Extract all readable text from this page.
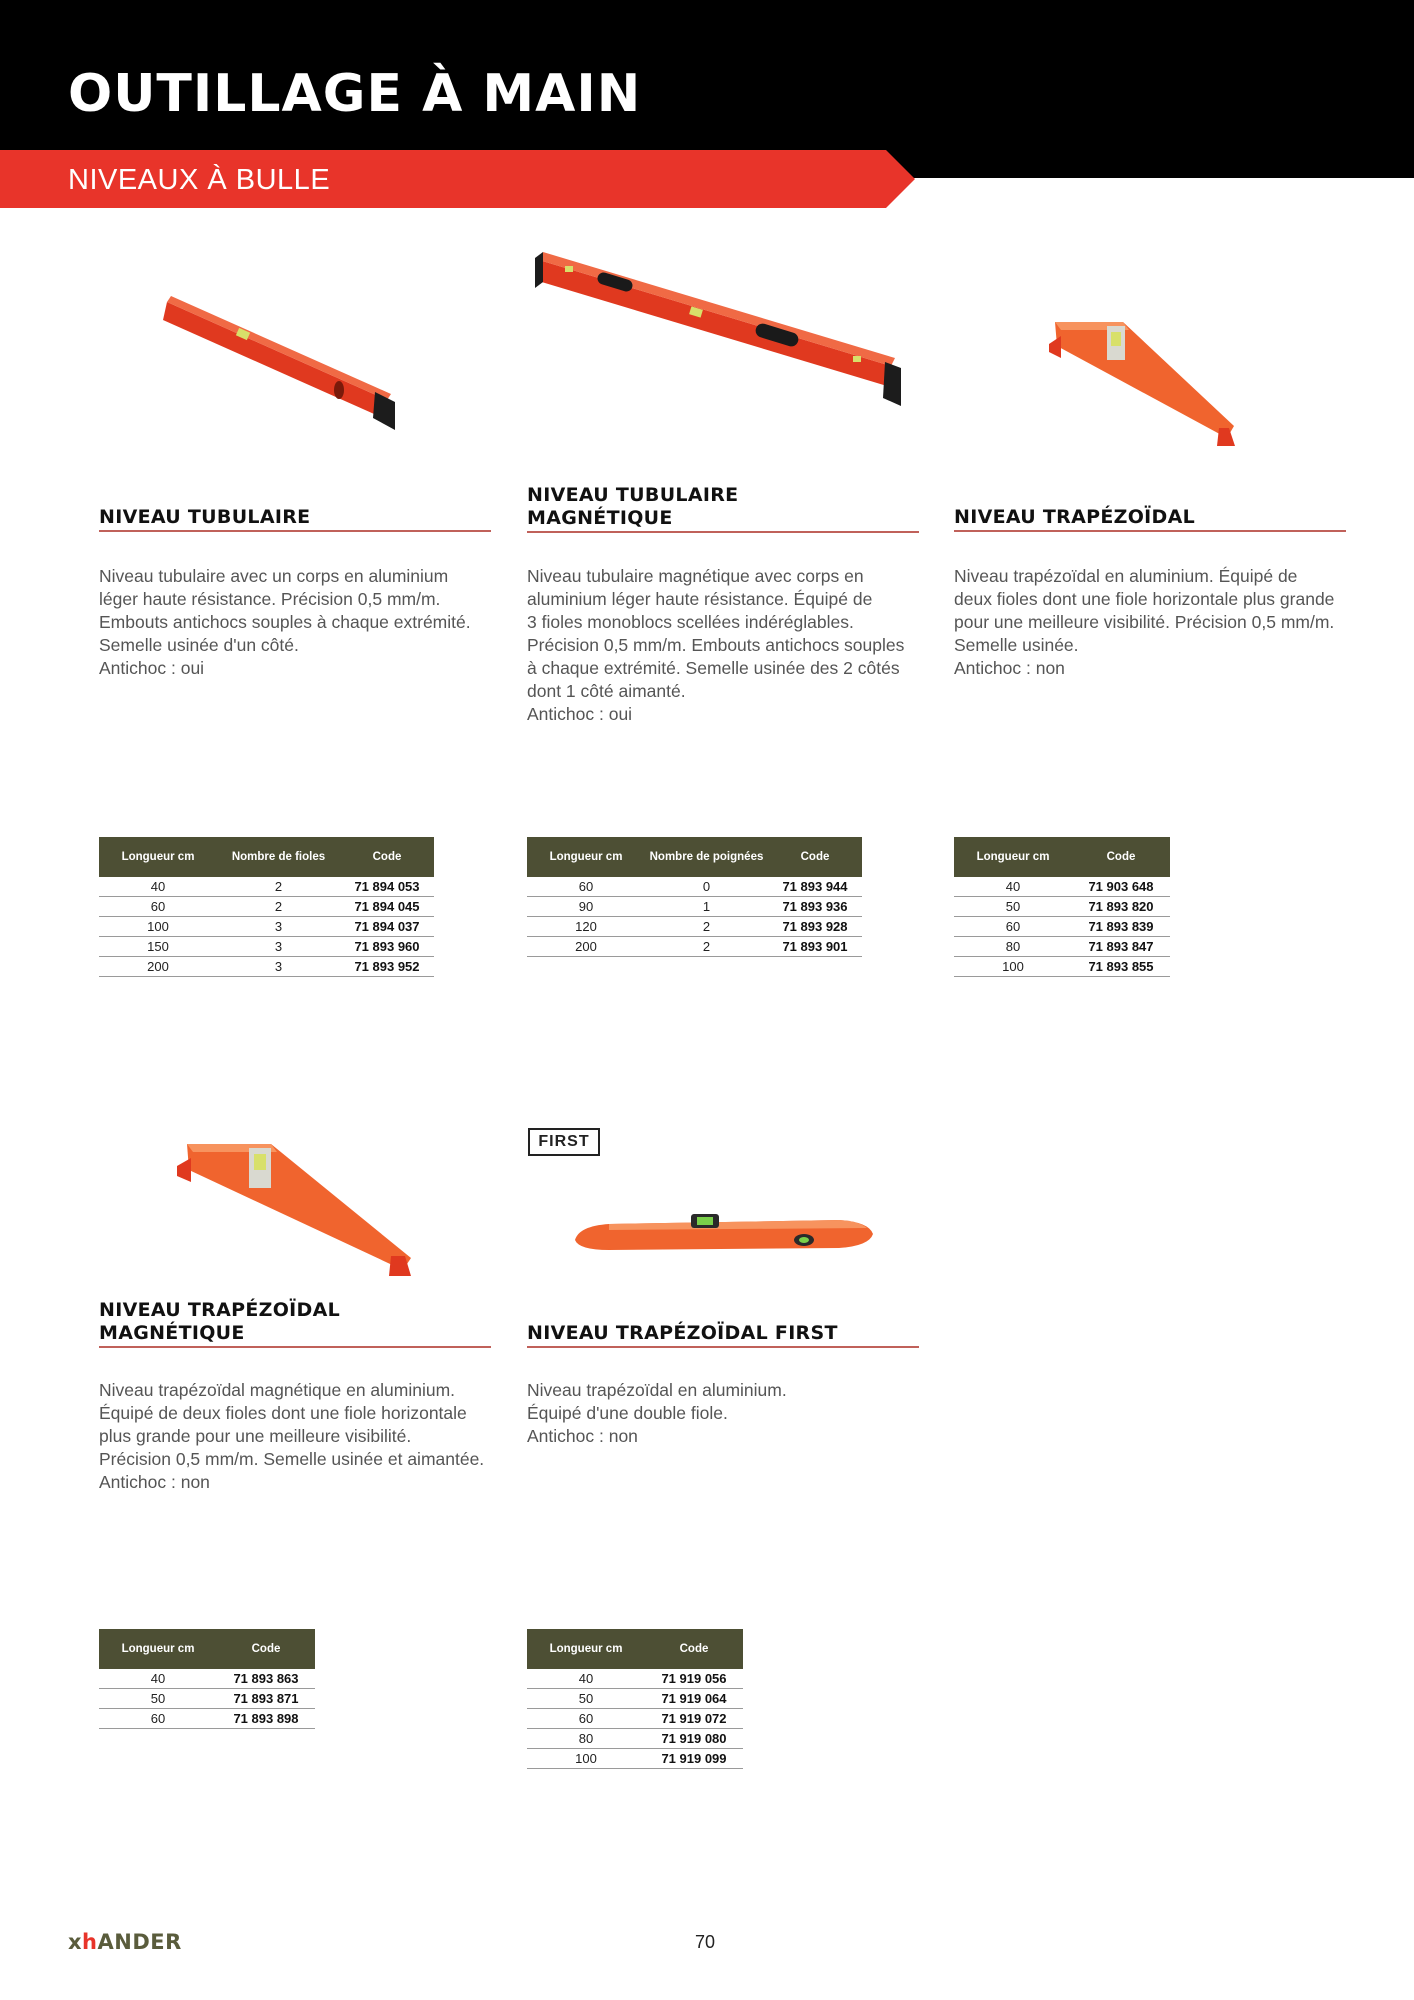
OUTILLAGE À MAIN
NIVEAUX À BULLE
NIVEAU TUBULAIRE
Niveau tubulaire avec un corps en aluminium
léger haute résistance. Précision 0,5 mm/m.
Embouts antichocs souples à chaque extrémité.
Semelle usinée d'un côté.
Antichoc : oui
Longueur cm	Nombre de fioles	Code
40	2	71 894 053
60	2	71 894 045
100	3	71 894 037
150	3	71 893 960
200	3	71 893 952
NIVEAU TUBULAIRE
MAGNÉTIQUE
Niveau tubulaire magnétique avec corps en
aluminium léger haute résistance. Équipé de
3 fioles monoblocs scellées indéréglables.
Précision 0,5 mm/m. Embouts antichocs souples
à chaque extrémité. Semelle usinée des 2 côtés
dont 1 côté aimanté.
Antichoc : oui
Longueur cm	Nombre de poignées	Code
60	0	71 893 944
90	1	71 893 936
120	2	71 893 928
200	2	71 893 901
NIVEAU TRAPÉZOÏDAL
Niveau trapézoïdal en aluminium. Équipé de
deux fioles dont une fiole horizontale plus grande
pour une meilleure visibilité. Précision 0,5 mm/m.
Semelle usinée.
Antichoc : non
Longueur cm	Code
40	71 903 648
50	71 893 820
60	71 893 839
80	71 893 847
100	71 893 855
NIVEAU TRAPÉZOÏDAL
MAGNÉTIQUE
Niveau trapézoïdal magnétique en aluminium.
Équipé de deux fioles dont une fiole horizontale
plus grande pour une meilleure visibilité.
Précision 0,5 mm/m. Semelle usinée et aimantée.
Antichoc : non
Longueur cm	Code
40	71 893 863
50	71 893 871
60	71 893 898
FIRST
NIVEAU TRAPÉZOÏDAL FIRST
Niveau trapézoïdal en aluminium.
Équipé d'une double fiole.
Antichoc : non
Longueur cm	Code
40	71 919 056
50	71 919 064
60	71 919 072
80	71 919 080
100	71 919 099
xhANDER	70
